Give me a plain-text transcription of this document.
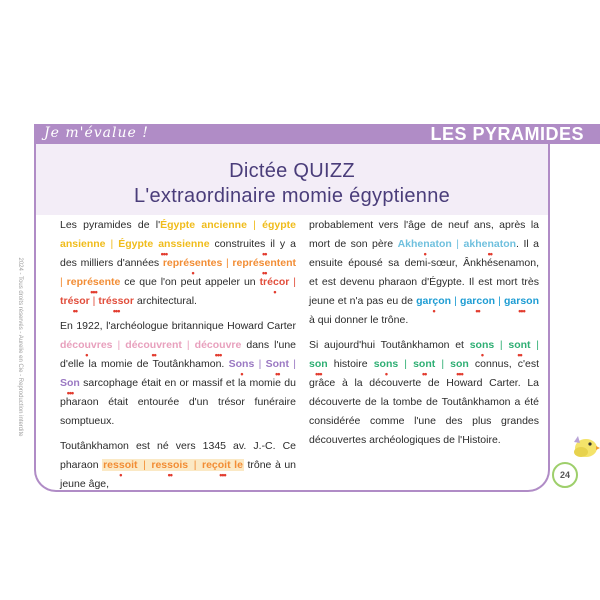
Je m'évalue !	LES PYRAMIDES
Dictée QUIZZ
L'extraordinaire momie égyptienne
2024 - Tous droits réservés - Aurelie en Cie - Reproduction interdite

Les pyramides de l'Égypte ancienne | égypte ansienne
••
| Égypte anssienne
•••
construites il y a des milliers d'années représentes
•
| représentent
••
| représente
•••
ce que l'on peut appeler un trécor
•
| trésor
••
| tréssor
•••
architectural.

En 1922, l'archéologue britannique Howard Carter découvres
•
| découvrent
••
| découvre
•••
dans l'une d'elle la momie de Toutânkhamon. Sons
•
| Sont
••
| Son
•••
sarcophage était en or massif et la momie du pharaon était entourée d'un trésor funéraire somptueux.

Toutânkhamon est né vers 1345 av. J.-C. Ce pharaon ressoit
•
| ressois
••
| reçoit le
•••
trône à un jeune âge,

probablement vers l'âge de neuf ans, après la mort de son père Akhenaton
•
| akhenaton
••
. Il a ensuite épousé sa demi-sœur, Ânkhésenamon, et est devenu pharaon d'Égypte. Il est mort très jeune et n'a pas eu de garçon
•
| garcon
••
| garson
•••
à qui donner le trône.

Si aujourd'hui Toutânkhamon et sons
•
| sont
••
| son
•••
histoire sons
•
| sont
••
| son
•••
connus, c'est grâce à la découverte de Howard Carter. La découverte de la tombe de Toutânkhamon a été considérée comme l'une des plus grandes découvertes archéologiques de l'Histoire.

24
